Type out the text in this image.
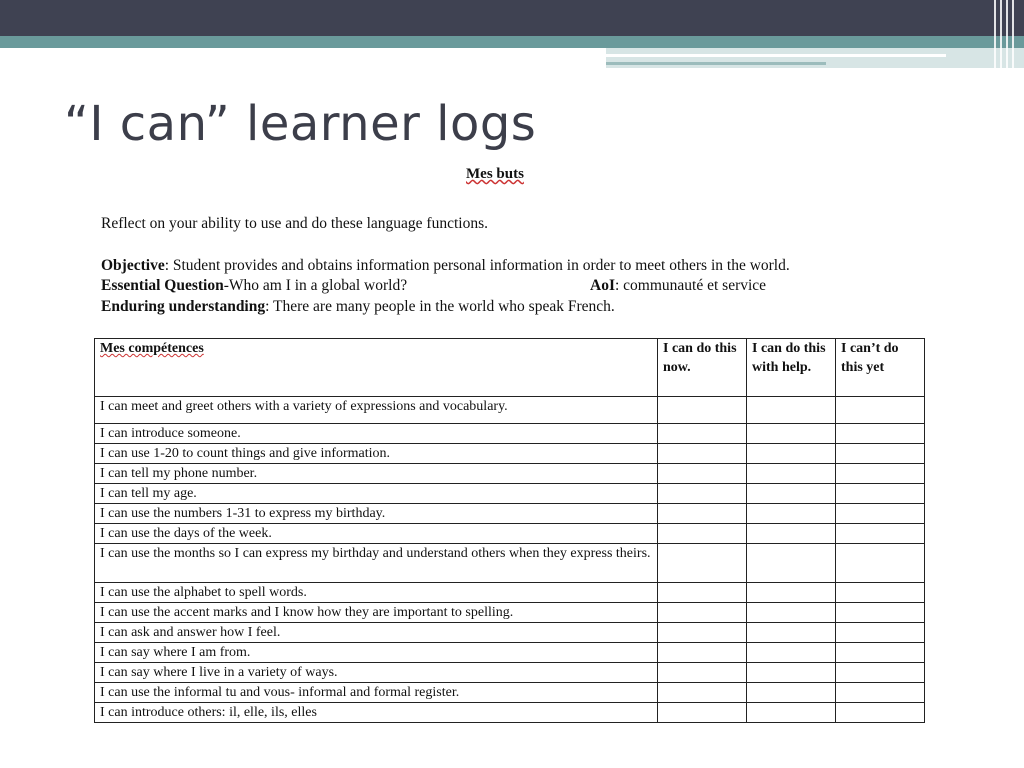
“I can” learner logs
Mes buts
Reflect on your ability to use and do these language functions.
Objective: Student provides and obtains information personal information in order to meet others in the world.
Essential Question-Who am I in a global world?	AoI: communauté et service
Enduring understanding: There are many people in the world who speak French.
Mes compétences	I can do this now.	I can do this with help.	I can’t do this yet
I can meet and greet others with a variety of expressions and vocabulary.			
I can introduce someone.			
I can use 1-20 to count things and give information.			
I can tell my phone number.			
I can tell my age.			
I can use the numbers 1-31 to express my birthday.			
I can use the days of the week.			
I can use the months so I can express my birthday and understand others when they express theirs.			
I can use the alphabet to spell words.			
I can use the accent marks and I know how they are important to spelling.			
I can ask and answer how I feel.			
I can say where I am from.			
I can say where I live in a variety of ways.			
I can use the informal tu and vous- informal and formal register.			
I can introduce others: il, elle, ils, elles			
